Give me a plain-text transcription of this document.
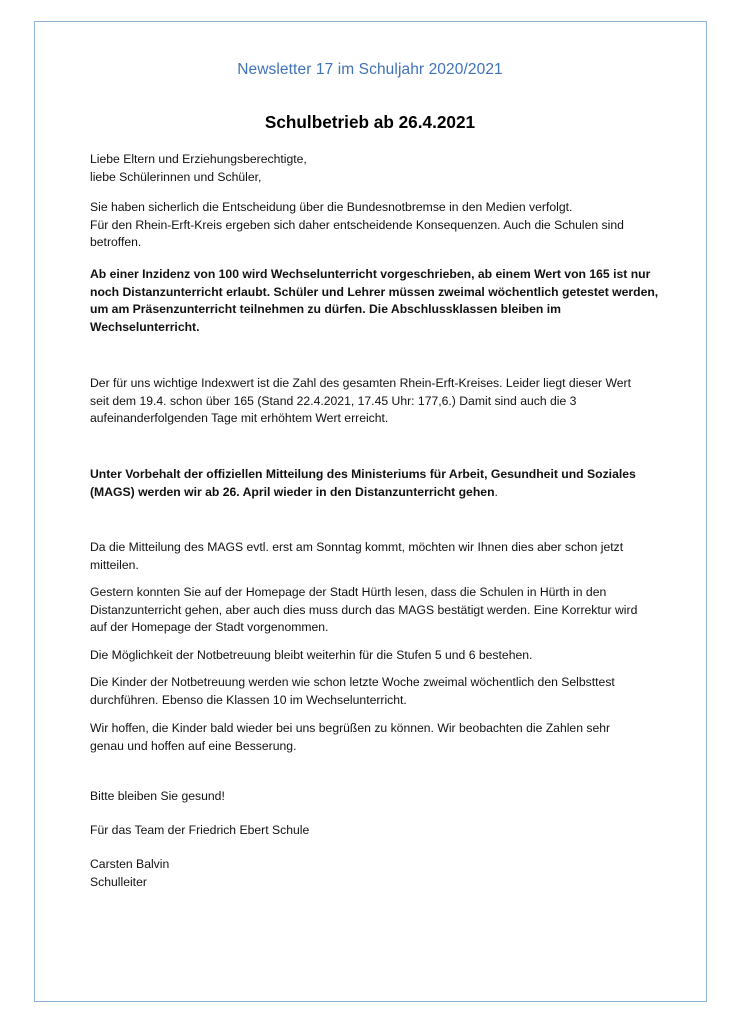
Newsletter 17 im Schuljahr 2020/2021
Schulbetrieb ab 26.4.2021

Liebe Eltern und Erziehungsberechtigte,
liebe Schülerinnen und Schüler,

Sie haben sicherlich die Entscheidung über die Bundesnotbremse in den Medien verfolgt.
Für den Rhein-Erft-Kreis ergeben sich daher entscheidende Konsequenzen. Auch die Schulen sind
betroffen.

Ab einer Inzidenz von 100 wird Wechselunterricht vorgeschrieben, ab einem Wert von 165 ist nur
noch Distanzunterricht erlaubt. Schüler und Lehrer müssen zweimal wöchentlich getestet werden,
um am Präsenzunterricht teilnehmen zu dürfen. Die Abschlussklassen bleiben im
Wechselunterricht.

Der für uns wichtige Indexwert ist die Zahl des gesamten Rhein-Erft-Kreises. Leider liegt dieser Wert
seit dem 19.4. schon über 165 (Stand 22.4.2021, 17.45 Uhr: 177,6.) Damit sind auch die 3
aufeinanderfolgenden Tage mit erhöhtem Wert erreicht.

Unter Vorbehalt der offiziellen Mitteilung des Ministeriums für Arbeit, Gesundheit und Soziales
(MAGS) werden wir ab 26. April wieder in den Distanzunterricht gehen.

Da die Mitteilung des MAGS evtl. erst am Sonntag kommt, möchten wir Ihnen dies aber schon jetzt
mitteilen.

Gestern konnten Sie auf der Homepage der Stadt Hürth lesen, dass die Schulen in Hürth in den
Distanzunterricht gehen, aber auch dies muss durch das MAGS bestätigt werden. Eine Korrektur wird
auf der Homepage der Stadt vorgenommen.

Die Möglichkeit der Notbetreuung bleibt weiterhin für die Stufen 5 und 6 bestehen.

Die Kinder der Notbetreuung werden wie schon letzte Woche zweimal wöchentlich den Selbsttest
durchführen. Ebenso die Klassen 10 im Wechselunterricht.

Wir hoffen, die Kinder bald wieder bei uns begrüßen zu können. Wir beobachten die Zahlen sehr
genau und hoffen auf eine Besserung.

Bitte bleiben Sie gesund!

Für das Team der Friedrich Ebert Schule

Carsten Balvin
Schulleiter
